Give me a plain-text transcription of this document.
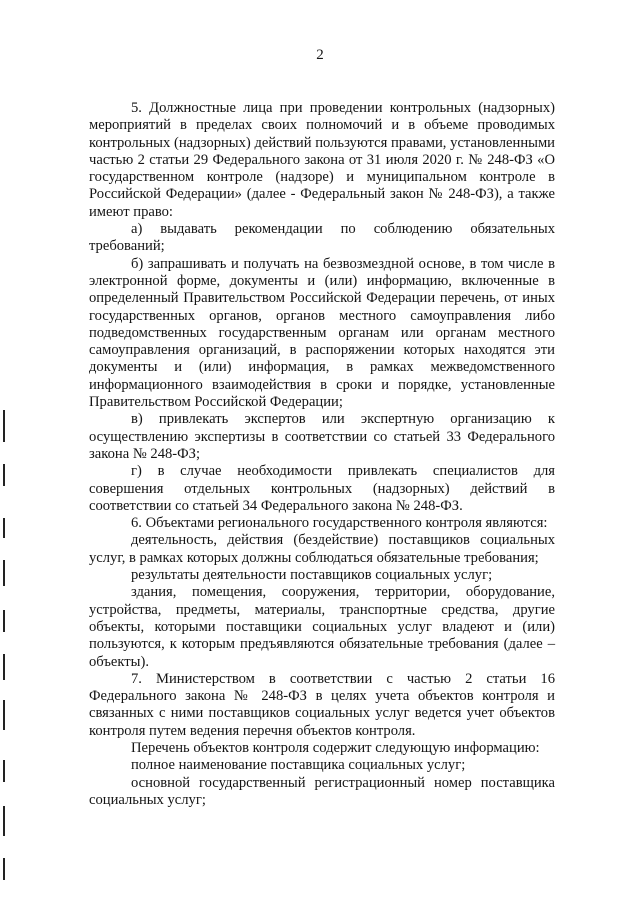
2

5. Должностные лица при проведении контрольных (надзорных) мероприятий в пределах своих полномочий и в объеме проводимых контрольных (надзорных) действий пользуются правами, установленными частью 2 статьи 29 Федерального закона от 31 июля 2020 г. № 248-ФЗ «О государственном контроле (надзоре) и муниципальном контроле в Российской Федерации» (далее - Федеральный закон № 248-ФЗ), а также имеют право:

а) выдавать рекомендации по соблюдению обязательных требований;

б) запрашивать и получать на безвозмездной основе, в том числе в электронной форме, документы и (или) информацию, включенные в определенный Правительством Российской Федерации перечень, от иных государственных органов, органов местного самоуправления либо подведомственных государственным органам или органам местного самоуправления организаций, в распоряжении которых находятся эти документы и (или) информация, в рамках межведомственного информационного взаимодействия в сроки и порядке, установленные Правительством Российской Федерации;

в) привлекать экспертов или экспертную организацию к осуществлению экспертизы в соответствии со статьей 33 Федерального закона № 248-ФЗ;

г) в случае необходимости привлекать специалистов для совершения отдельных контрольных (надзорных) действий в соответствии со статьей 34 Федерального закона № 248-ФЗ.

6. Объектами регионального государственного контроля являются:

деятельность, действия (бездействие) поставщиков социальных услуг, в рамках которых должны соблюдаться обязательные требования;

результаты деятельности поставщиков социальных услуг;

здания, помещения, сооружения, территории, оборудование, устройства, предметы, материалы, транспортные средства, другие объекты, которыми поставщики социальных услуг владеют и (или) пользуются, к которым предъявляются обязательные требования (далее – объекты).

7. Министерством в соответствии с частью 2 статьи 16 Федерального закона № 248-ФЗ в целях учета объектов контроля и связанных с ними поставщиков социальных услуг ведется учет объектов контроля путем ведения перечня объектов контроля.

Перечень объектов контроля содержит следующую информацию:

полное наименование поставщика социальных услуг;

основной государственный регистрационный номер поставщика социальных услуг;
